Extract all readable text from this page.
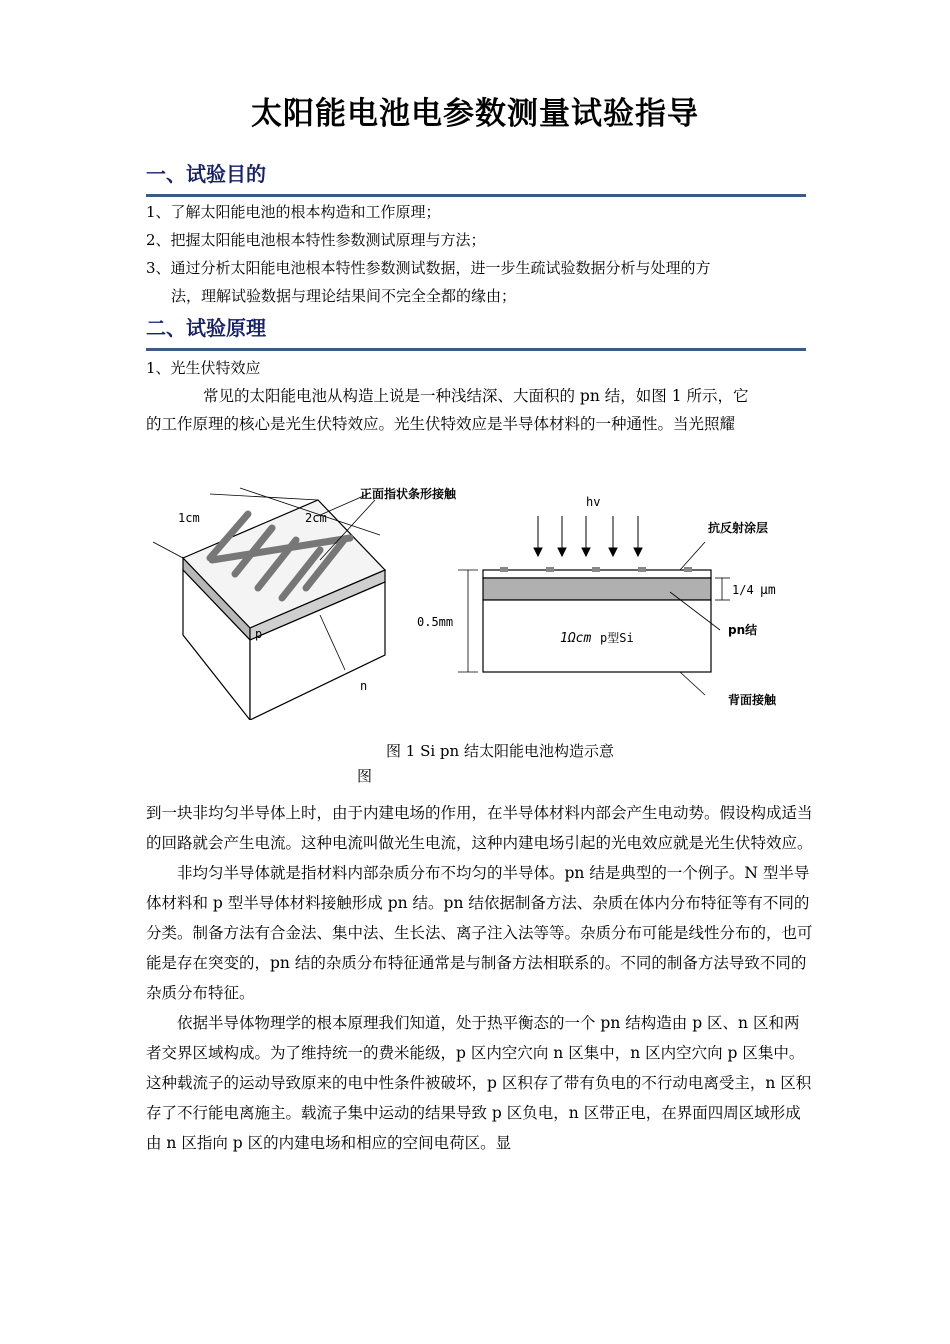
太阳能电池电参数测量试验指导
一、试验目的
1、了解太阳能电池的根本构造和工作原理；
2、把握太阳能电池根本特性参数测试原理与方法；
3、通过分析太阳能电池根本特性参数测试数据，进一步生疏试验数据分析与处理的方
法，理解试验数据与理论结果间不完全全都的缘由；
二、试验原理
1、光生伏特效应
常见的太阳能电池从构造上说是一种浅结深、大面积的 pn 结，如图 1 所示，它
的工作原理的核心是光生伏特效应。光生伏特效应是半导体材料的一种通性。当光照耀
1cm	2cm
正面指状条形接触
p
n
hv
抗反射涂层
1/4 μm
0.5mm
1Ωcm p型Si
pn结
背面接触
图 1 Si pn 结太阳能电池构造示意
图

到一块非均匀半导体上时，由于内建电场的作用，在半导体材料内部会产生电动势。假设构成适当的回路就会产生电流。这种电流叫做光生电流，这种内建电场引起的光电效应就是光生伏特效应。

非均匀半导体就是指材料内部杂质分布不均匀的半导体。pn 结是典型的一个例子。N 型半导体材料和 p 型半导体材料接触形成 pn 结。pn 结依据制备方法、杂质在体内分布特征等有不同的分类。制备方法有合金法、集中法、生长法、离子注入法等等。杂质分布可能是线性分布的，也可能是存在突变的，pn 结的杂质分布特征通常是与制备方法相联系的。不同的制备方法导致不同的杂质分布特征。

依据半导体物理学的根本原理我们知道，处于热平衡态的一个 pn 结构造由 p 区、n 区和两者交界区域构成。为了维持统一的费米能级，p 区内空穴向 n 区集中，n 区内空穴向 p 区集中。这种载流子的运动导致原来的电中性条件被破坏，p 区积存了带有负电的不行动电离受主，n 区积存了不行能电离施主。载流子集中运动的结果导致 p 区负电，n 区带正电，在界面四周区域形成由 n 区指向 p 区的内建电场和相应的空间电荷区。显
